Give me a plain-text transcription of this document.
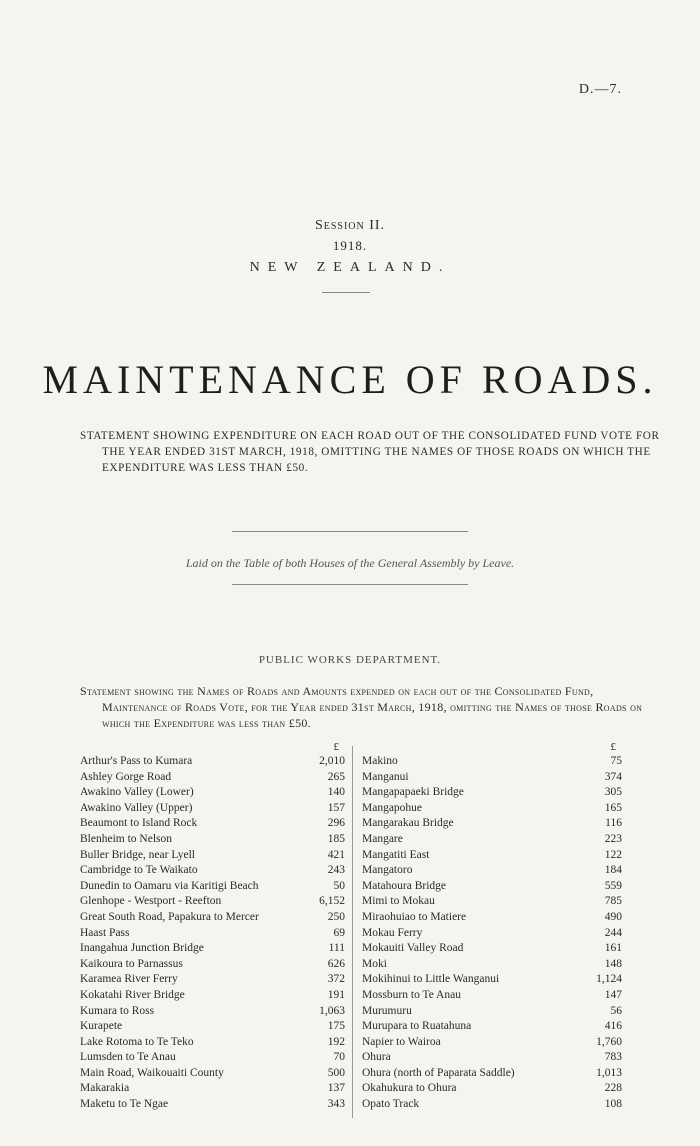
D.—7.
Session II.
1918.
NEW ZEALAND.
MAINTENANCE OF ROADS.
STATEMENT SHOWING EXPENDITURE ON EACH ROAD OUT OF THE CONSOLIDATED FUND VOTE FOR THE YEAR ENDED 31ST MARCH, 1918, OMITTING THE NAMES OF THOSE ROADS ON WHICH THE EXPENDITURE WAS LESS THAN £50.
Laid on the Table of both Houses of the General Assembly by Leave.
PUBLIC WORKS DEPARTMENT.
Statement showing the Names of Roads and Amounts expended on each out of the Consolidated Fund, Maintenance of Roads Vote, for the Year ended 31st March, 1918, omitting the Names of those Roads on which the Expenditure was less than £50.
£
Arthur's Pass to Kumara	2,010
Ashley Gorge Road	265
Awakino Valley (Lower)	140
Awakino Valley (Upper)	157
Beaumont to Island Rock	296
Blenheim to Nelson	185
Buller Bridge, near Lyell	421
Cambridge to Te Waikato	243
Dunedin to Oamaru via Karitigi Beach	50
Glenhope - Westport - Reefton	6,152
Great South Road, Papakura to Mercer	250
Haast Pass	69
Inangahua Junction Bridge	111
Kaikoura to Parnassus	626
Karamea River Ferry	372
Kokatahi River Bridge	191
Kumara to Ross	1,063
Kurapete	175
Lake Rotoma to Te Teko	192
Lumsden to Te Anau	70
Main Road, Waikouaiti County	500
Makarakia	137
Maketu to Te Ngae	343
£
Makino	75
Manganui	374
Mangapapaeki Bridge	305
Mangapohue	165
Mangarakau Bridge	116
Mangare	223
Mangatiti East	122
Mangatoro	184
Matahoura Bridge	559
Mimi to Mokau	785
Miraohuiao to Matiere	490
Mokau Ferry	244
Mokauiti Valley Road	161
Moki	148
Mokihinui to Little Wanganui	1,124
Mossburn to Te Anau	147
Murumuru	56
Murupara to Ruatahuna	416
Napier to Wairoa	1,760
Ohura	783
Ohura (north of Paparata Saddle)	1,013
Okahukura to Ohura	228
Opato Track	108
